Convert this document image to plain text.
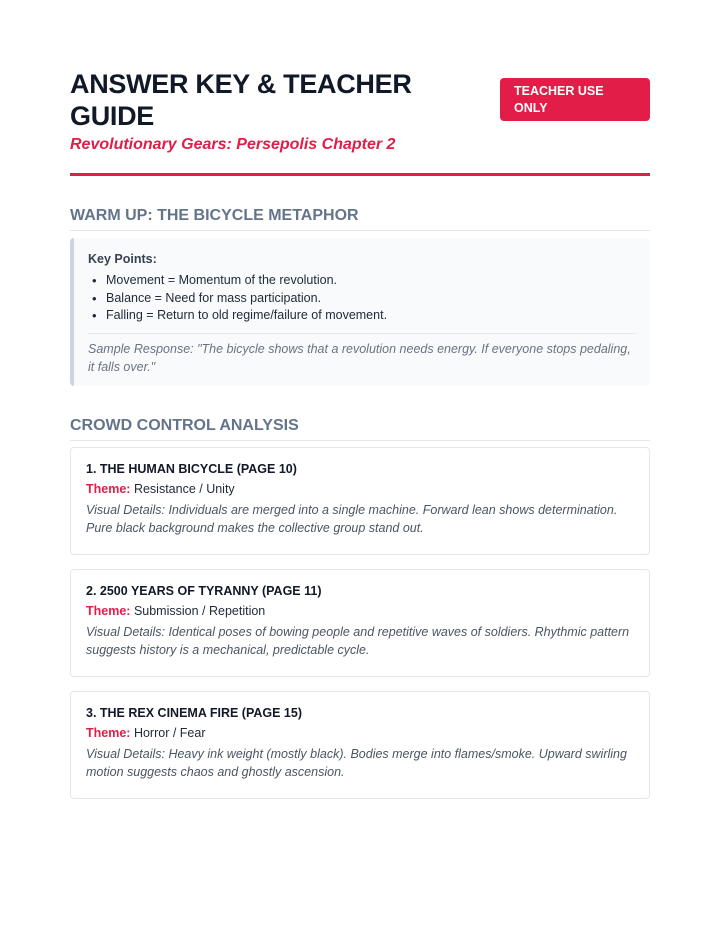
ANSWER KEY & TEACHER GUIDE
Revolutionary Gears: Persepolis Chapter 2
TEACHER USE ONLY
WARM UP: THE BICYCLE METAPHOR
Key Points:
• Movement = Momentum of the revolution.
• Balance = Need for mass participation.
• Falling = Return to old regime/failure of movement.
Sample Response: "The bicycle shows that a revolution needs energy. If everyone stops pedaling, it falls over."
CROWD CONTROL ANALYSIS
1. THE HUMAN BICYCLE (PAGE 10)
Theme: Resistance / Unity
Visual Details: Individuals are merged into a single machine. Forward lean shows determination. Pure black background makes the collective group stand out.
2. 2500 YEARS OF TYRANNY (PAGE 11)
Theme: Submission / Repetition
Visual Details: Identical poses of bowing people and repetitive waves of soldiers. Rhythmic pattern suggests history is a mechanical, predictable cycle.
3. THE REX CINEMA FIRE (PAGE 15)
Theme: Horror / Fear
Visual Details: Heavy ink weight (mostly black). Bodies merge into flames/smoke. Upward swirling motion suggests chaos and ghostly ascension.
